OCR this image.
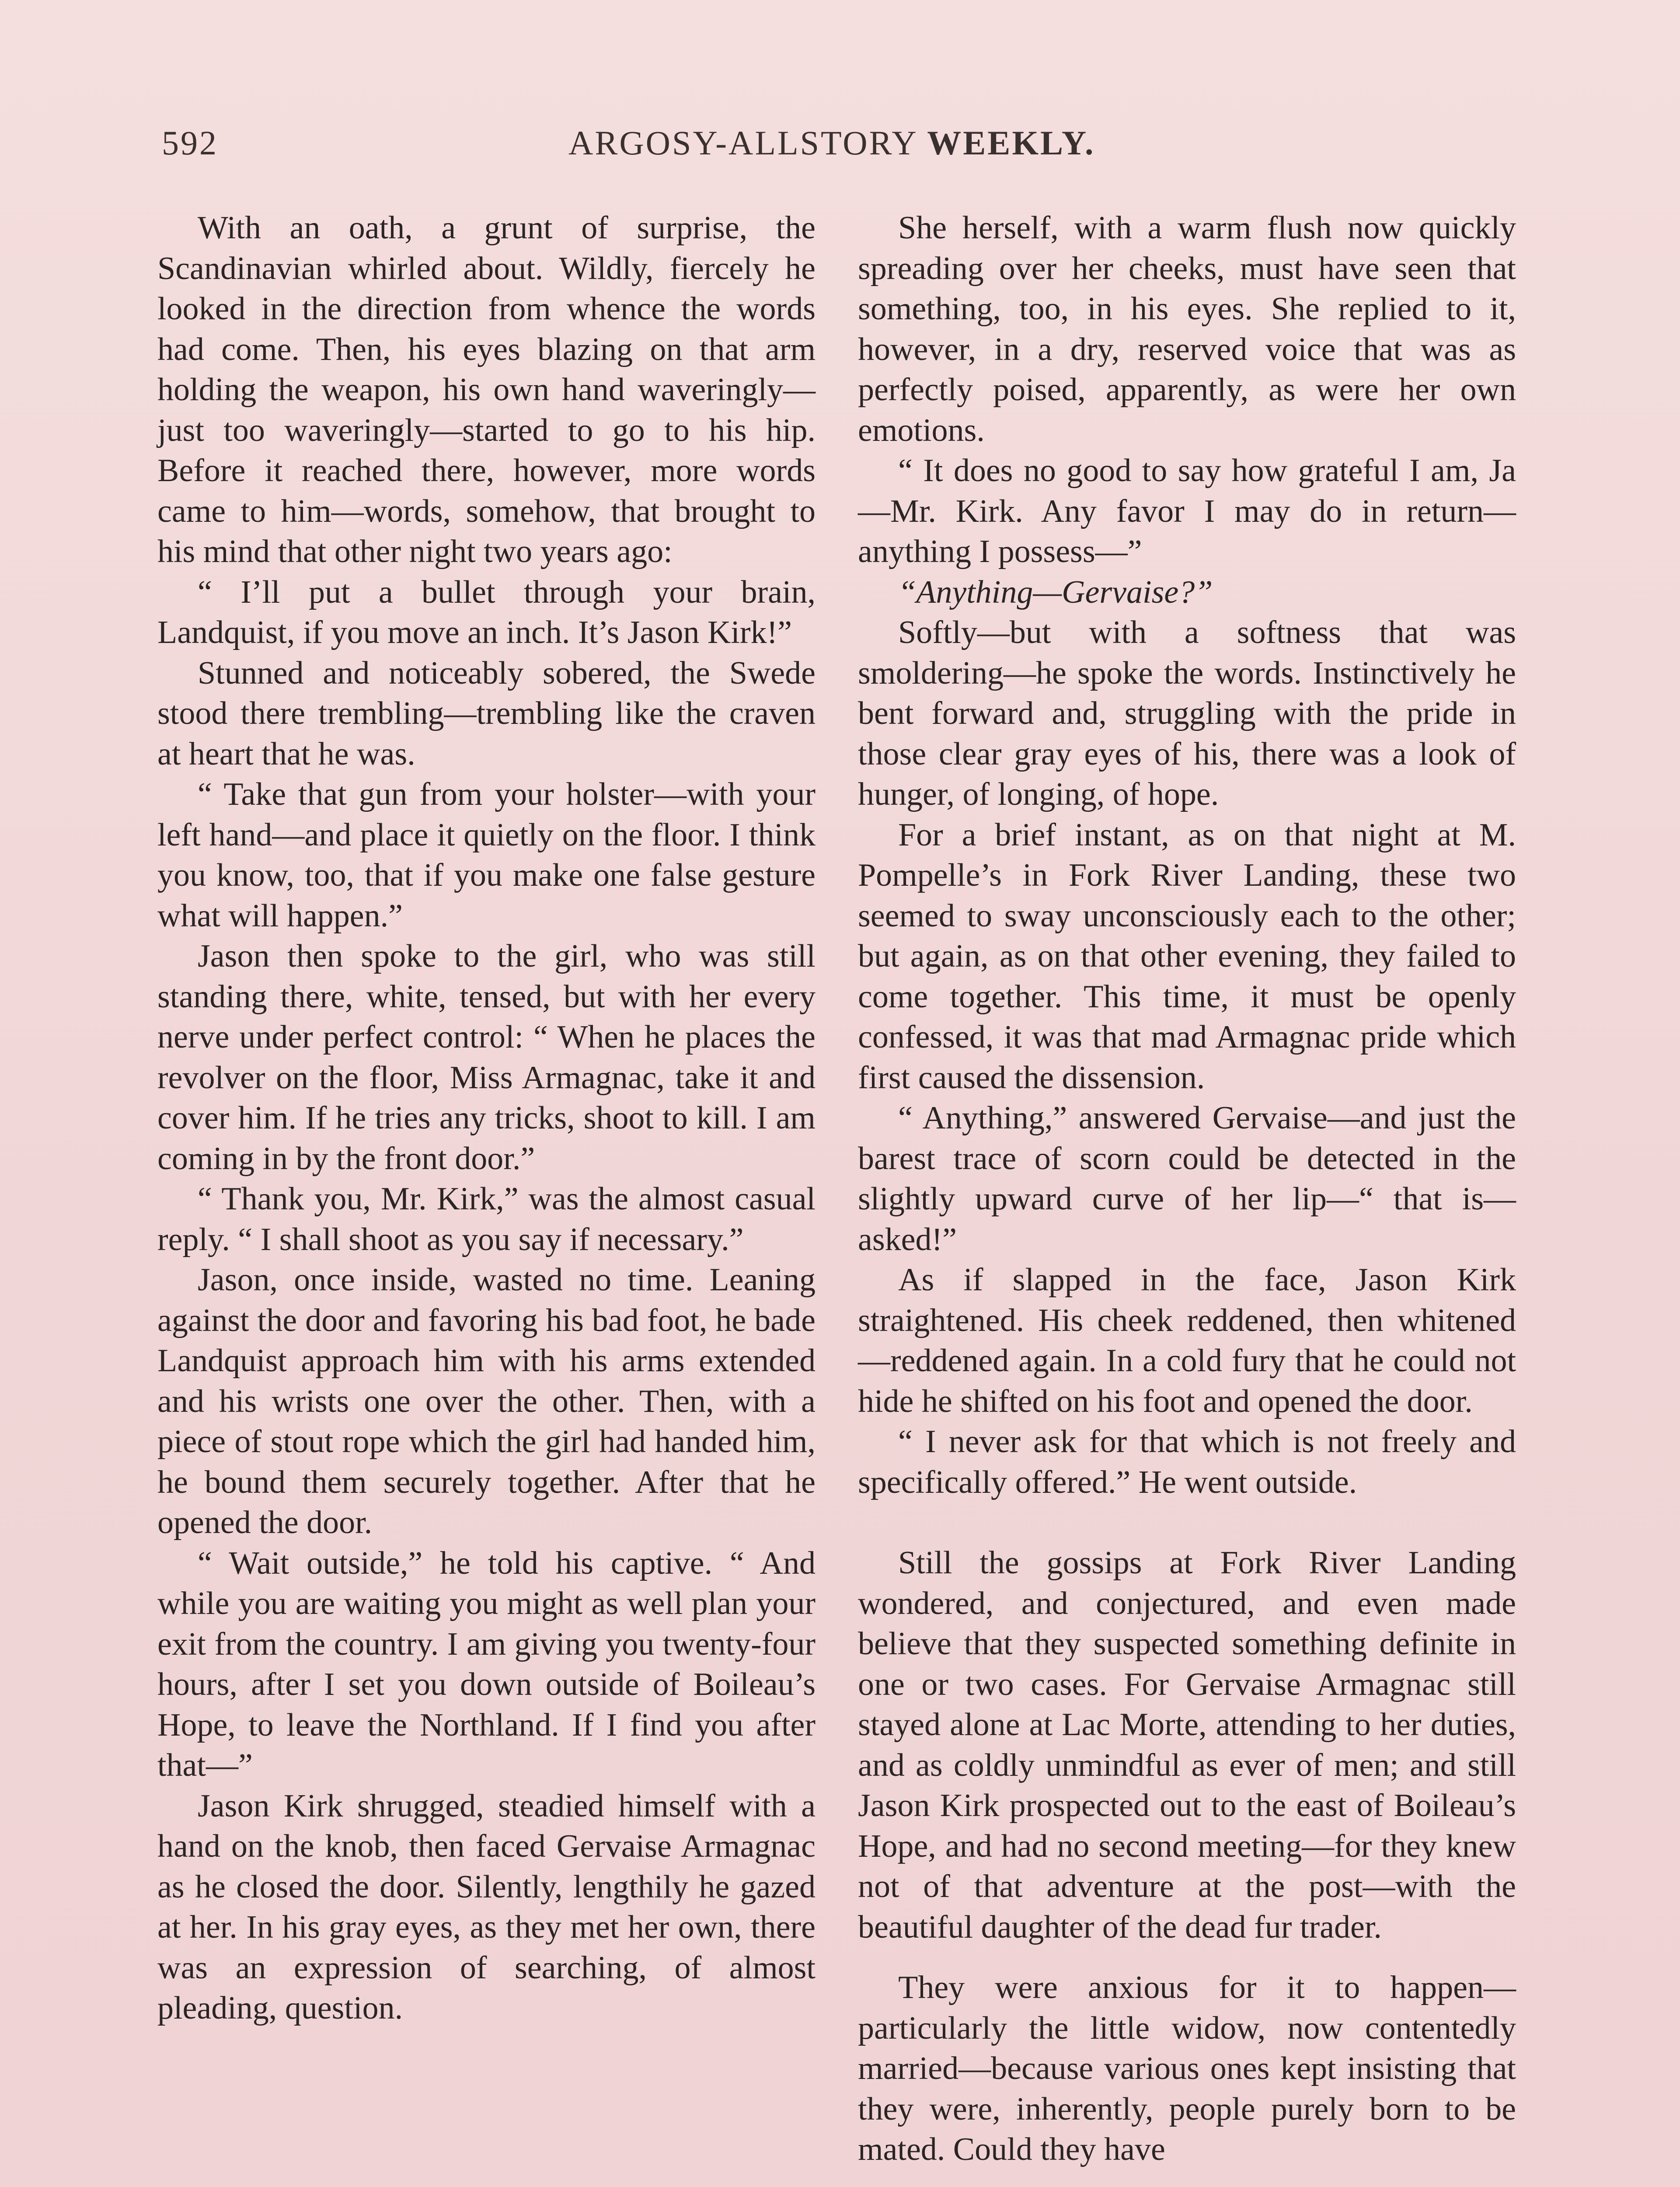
592	ARGOSY-ALLSTORY WEEKLY.

With an oath, a grunt of surprise, the Scandinavian whirled about. Wildly, fiercely he looked in the direction from whence the words had come. Then, his eyes blazing on that arm holding the weapon, his own hand waveringly—just too waveringly—started to go to his hip. Before it reached there, however, more words came to him—words, somehow, that brought to his mind that other night two years ago:

“ I’ll put a bullet through your brain, Landquist, if you move an inch. It’s Jason Kirk!”

Stunned and noticeably sobered, the Swede stood there trembling—trembling like the craven at heart that he was.

“ Take that gun from your holster—with your left hand—and place it quietly on the floor. I think you know, too, that if you make one false gesture what will happen.”

Jason then spoke to the girl, who was still standing there, white, tensed, but with her every nerve under perfect control: “ When he places the revolver on the floor, Miss Armagnac, take it and cover him. If he tries any tricks, shoot to kill. I am coming in by the front door.”

“ Thank you, Mr. Kirk,” was the almost casual reply. “ I shall shoot as you say if necessary.”

Jason, once inside, wasted no time. Leaning against the door and favoring his bad foot, he bade Landquist approach him with his arms extended and his wrists one over the other. Then, with a piece of stout rope which the girl had handed him, he bound them securely together. After that he opened the door.

“ Wait outside,” he told his captive. “ And while you are waiting you might as well plan your exit from the country. I am giving you twenty-four hours, after I set you down outside of Boileau’s Hope, to leave the Northland. If I find you after that—”

Jason Kirk shrugged, steadied himself with a hand on the knob, then faced Gervaise Armagnac as he closed the door. Silently, lengthily he gazed at her. In his gray eyes, as they met her own, there was an expression of searching, of almost pleading, question.

She herself, with a warm flush now quickly spreading over her cheeks, must have seen that something, too, in his eyes. She replied to it, however, in a dry, reserved voice that was as perfectly poised, apparently, as were her own emotions.

“ It does no good to say how grateful I am, Ja—Mr. Kirk. Any favor I may do in return—anything I possess—”

“Anything—Gervaise?”

Softly—but with a softness that was smoldering—he spoke the words. Instinctively he bent forward and, struggling with the pride in those clear gray eyes of his, there was a look of hunger, of longing, of hope.

For a brief instant, as on that night at M. Pompelle’s in Fork River Landing, these two seemed to sway unconsciously each to the other; but again, as on that other evening, they failed to come together. This time, it must be openly confessed, it was that mad Armagnac pride which first caused the dissension.

“ Anything,” answered Gervaise—and just the barest trace of scorn could be detected in the slightly upward curve of her lip—“ that is—asked!”

As if slapped in the face, Jason Kirk straightened. His cheek reddened, then whitened—reddened again. In a cold fury that he could not hide he shifted on his foot and opened the door.

“ I never ask for that which is not freely and specifically offered.” He went outside.

Still the gossips at Fork River Landing wondered, and conjectured, and even made believe that they suspected something definite in one or two cases. For Gervaise Armagnac still stayed alone at Lac Morte, attending to her duties, and as coldly unmindful as ever of men; and still Jason Kirk prospected out to the east of Boileau’s Hope, and had no second meeting—for they knew not of that adventure at the post—with the beautiful daughter of the dead fur trader.

They were anxious for it to happen—particularly the little widow, now contentedly married—because various ones kept insisting that they were, inherently, people purely born to be mated. Could they have
